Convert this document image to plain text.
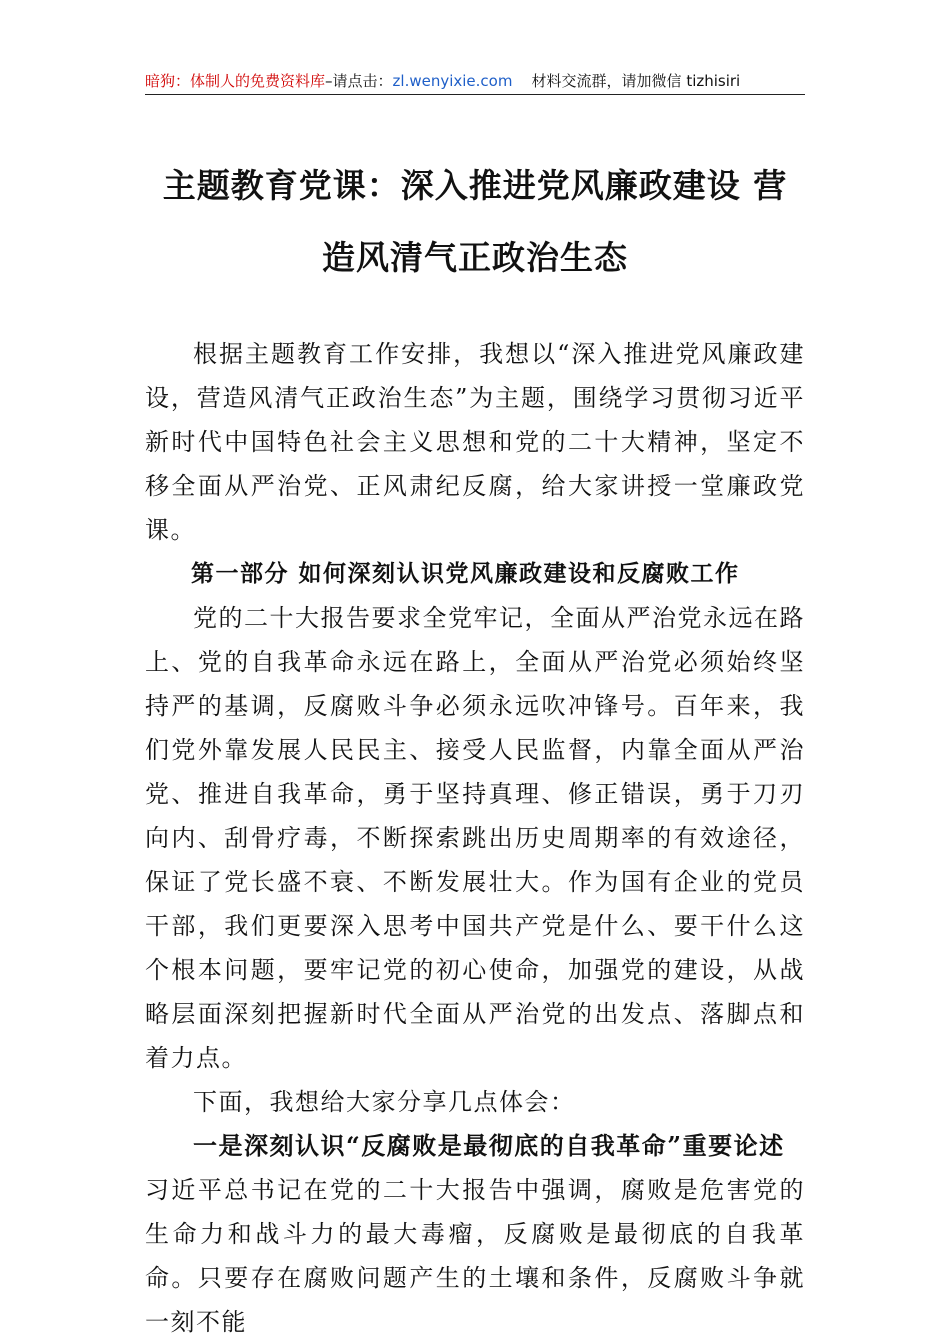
暗狗：体制人的免费资料库–请点击：zl.wenyixie.com 材料交流群，请加微信 tizhisiri
主题教育党课：深入推进党风廉政建设 营
造风清气正政治生态

根据主题教育工作安排，我想以“深入推进党风廉政建设，营造风清气正政治生态”为主题，围绕学习贯彻习近平新时代中国特色社会主义思想和党的二十大精神，坚定不移全面从严治党、正风肃纪反腐，给大家讲授一堂廉政党课。

第一部分 如何深刻认识党风廉政建设和反腐败工作

党的二十大报告要求全党牢记，全面从严治党永远在路上、党的自我革命永远在路上，全面从严治党必须始终坚持严的基调，反腐败斗争必须永远吹冲锋号。百年来，我们党外靠发展人民民主、接受人民监督，内靠全面从严治党、推进自我革命，勇于坚持真理、修正错误，勇于刀刃向内、刮骨疗毒，不断探索跳出历史周期率的有效途径，保证了党长盛不衰、不断发展壮大。作为国有企业的党员干部，我们更要深入思考中国共产党是什么、要干什么这个根本问题，要牢记党的初心使命，加强党的建设，从战略层面深刻把握新时代全面从严治党的出发点、落脚点和着力点。

下面，我想给大家分享几点体会：

一是深刻认识“反腐败是最彻底的自我革命”重要论述

习近平总书记在党的二十大报告中强调，腐败是危害党的生命力和战斗力的最大毒瘤，反腐败是最彻底的自我革命。只要存在腐败问题产生的土壤和条件，反腐败斗争就一刻不能
